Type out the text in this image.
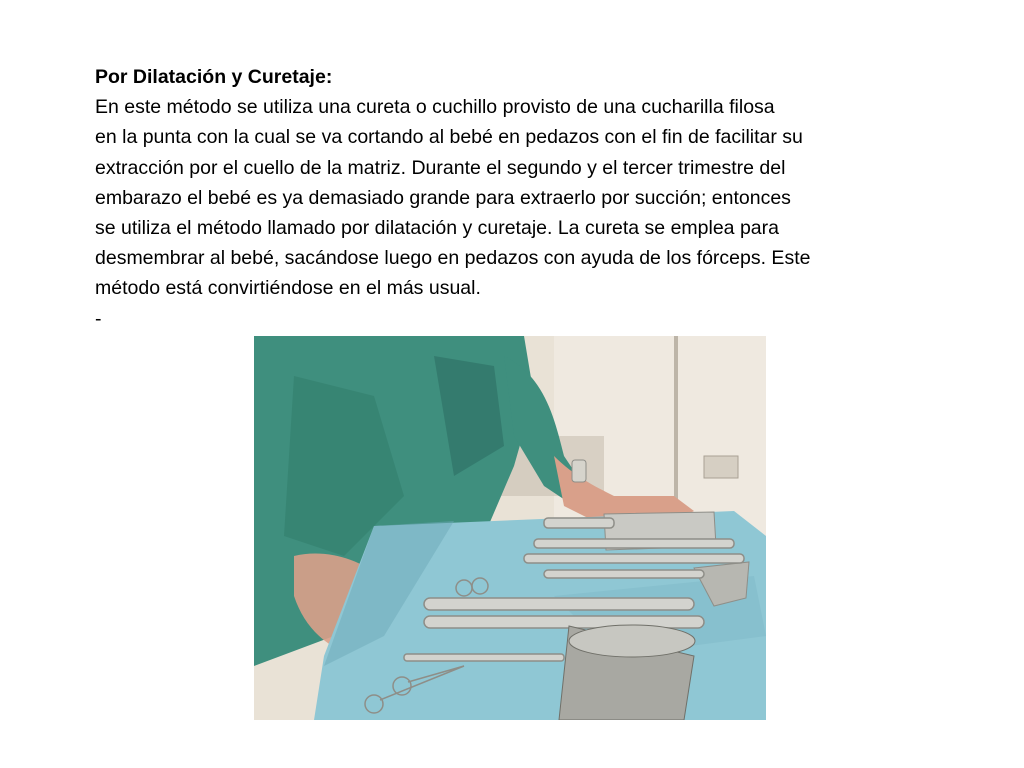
Por Dilatación y Curetaje:
En este método se utiliza una cureta o cuchillo provisto de una cucharilla filosa
en la punta con la cual se va cortando al bebé en pedazos con el fin de facilitar su
extracción por el cuello de la matriz. Durante el segundo y el tercer trimestre del
embarazo el bebé es ya demasiado grande para extraerlo por succión; entonces
se utiliza el método llamado por dilatación y curetaje. La cureta se emplea para
desmembrar al bebé, sacándose luego en pedazos con ayuda de los fórceps. Este
método está convirtiéndose en el más usual.
-
